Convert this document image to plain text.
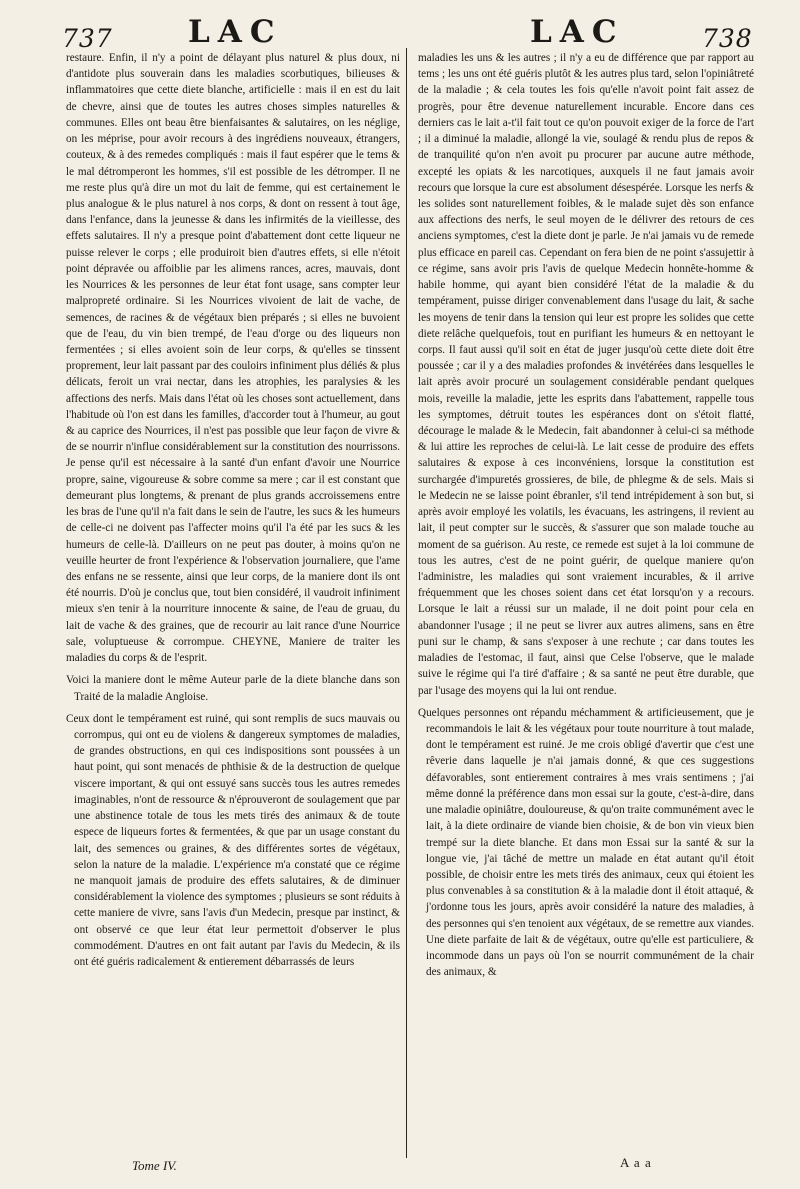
737 LAC	LAC	738

restaure. Enfin, il n'y a point de délayant plus naturel & plus doux, ni d'antidote plus souverain dans les maladies scorbutiques, bilieuses & inflammatoires que cette diete blanche, artificielle : mais il en est du lait de chevre, ainsi que de toutes les autres choses simples naturelles & communes. Elles ont beau être bienfaisantes & salutaires, on les néglige, on les méprise, pour avoir recours à des ingrédiens nouveaux, étrangers, couteux, & à des remedes compliqués : mais il faut espérer que le tems & le mal détromperont les hommes, s'il est possible de les détromper. Il ne me reste plus qu'à dire un mot du lait de femme, qui est certainement le plus analogue & le plus naturel à nos corps, & dont on ressent à tout âge, dans l'enfance, dans la jeunesse & dans les infirmités de la vieillesse, des effets salutaires. Il n'y a presque point d'abattement dont cette liqueur ne puisse relever le corps ; elle produiroit bien d'autres effets, si elle n'étoit point dépravée ou affoiblie par les alimens rances, acres, mauvais, dont les Nourrices & les personnes de leur état font usage, sans compter leur malpropreté ordinaire. Si les Nourrices vivoient de lait de vache, de semences, de racines & de végétaux bien préparés ; si elles ne buvoient que de l'eau, du vin bien trempé, de l'eau d'orge ou des liqueurs non fermentées ; si elles avoient soin de leur corps, & qu'elles se tinssent proprement, leur lait passant par des couloirs infiniment plus déliés & plus délicats, feroit un vrai nectar, dans les atrophies, les paralysies & les affections des nerfs. Mais dans l'état où les choses sont actuellement, dans l'habitude où l'on est dans les familles, d'accorder tout à l'humeur, au gout & au caprice des Nourrices, il n'est pas possible que leur façon de vivre & de se nourrir n'influe considérablement sur la constitution des nourrissons. Je pense qu'il est nécessaire à la santé d'un enfant d'avoir une Nourrice propre, saine, vigoureuse & sobre comme sa mere ; car il est constant que demeurant plus longtems, & prenant de plus grands accroissemens entre les bras de l'une qu'il n'a fait dans le sein de l'autre, les sucs & les humeurs de celle-ci ne doivent pas l'affecter moins qu'il l'a été par les sucs & les humeurs de celle-là. D'ailleurs on ne peut pas douter, à moins qu'on ne veuille heurter de front l'expérience & l'observation journaliere, que l'ame des enfans ne se ressente, ainsi que leur corps, de la maniere dont ils ont été nourris. D'où je conclus que, tout bien considéré, il vaudroit infiniment mieux s'en tenir à la nourriture innocente & saine, de l'eau de gruau, du lait de vache & des graines, que de recourir au lait rance d'une Nourrice sale, voluptueuse & corrompue. CHEYNE, Maniere de traiter les maladies du corps & de l'esprit.

Voici la maniere dont le même Auteur parle de la diete blanche dans son Traité de la maladie Angloise.

Ceux dont le tempérament est ruiné, qui sont remplis de sucs mauvais ou corrompus, qui ont eu de violens & dangereux symptomes de maladies, de grandes obstructions, en qui ces indispositions sont poussées à un haut point, qui sont menacés de phthisie & de la destruction de quelque viscere important, & qui ont essuyé sans succès tous les autres remedes imaginables, n'ont de ressource & n'éprouveront de soulagement que par une abstinence totale de tous les mets tirés des animaux & de toute espece de liqueurs fortes & fermentées, & que par un usage constant du lait, des semences ou graines, & des différentes sortes de végétaux, selon la nature de la maladie. L'expérience m'a constaté que ce régime ne manquoit jamais de produire des effets salutaires, & de diminuer considérablement la violence des symptomes ; plusieurs se sont réduits à cette maniere de vivre, sans l'avis d'un Medecin, presque par instinct, & ont observé ce que leur état leur permettoit d'observer le plus commodément. D'autres en ont fait autant par l'avis du Medecin, & ils ont été guéris radicalement & entierement débarrassés de leurs

maladies les uns & les autres ; il n'y a eu de différence que par rapport au tems ; les uns ont été guéris plutôt & les autres plus tard, selon l'opiniâtreté de la maladie ; & cela toutes les fois qu'elle n'avoit point fait assez de progrès, pour être devenue naturellement incurable. Encore dans ces derniers cas le lait a-t'il fait tout ce qu'on pouvoit exiger de la force de l'art ; il a diminué la maladie, allongé la vie, soulagé & rendu plus de repos & de tranquilité qu'on n'en avoit pu procurer par aucune autre méthode, excepté les opiats & les narcotiques, auxquels il ne faut jamais avoir recours que lorsque la cure est absolument désespérée. Lorsque les nerfs & les solides sont naturellement foibles, & le malade sujet dès son enfance aux affections des nerfs, le seul moyen de le délivrer des retours de ces anciens symptomes, c'est la diete dont je parle. Je n'ai jamais vu de remede plus efficace en pareil cas. Cependant on fera bien de ne point s'assujettir à ce régime, sans avoir pris l'avis de quelque Medecin honnête-homme & habile homme, qui ayant bien considéré l'état de la maladie & du tempérament, puisse diriger convenablement dans l'usage du lait, & sache les moyens de tenir dans la tension qui leur est propre les solides que cette diete relâche quelquefois, tout en purifiant les humeurs & en nettoyant le corps. Il faut aussi qu'il soit en état de juger jusqu'où cette diete doit être poussée ; car il y a des maladies profondes & invétérées dans lesquelles le lait après avoir procuré un soulagement considérable pendant quelques mois, reveille la maladie, jette les esprits dans l'abattement, rappelle tous les symptomes, détruit toutes les espérances dont on s'étoit flatté, décourage le malade & le Medecin, fait abandonner à celui-ci sa méthode & lui attire les reproches de celui-là. Le lait cesse de produire des effets salutaires & expose à ces inconvéniens, lorsque la constitution est surchargée d'impuretés grossieres, de bile, de phlegme & de sels. Mais si le Medecin ne se laisse point ébranler, s'il tend intrépidement à son but, si après avoir employé les volatils, les évacuans, les astringens, il revient au lait, il peut compter sur le succès, & s'assurer que son malade touche au moment de sa guérison. Au reste, ce remede est sujet à la loi commune de tous les autres, c'est de ne point guérir, de quelque maniere qu'on l'administre, les maladies qui sont vraiement incurables, & il arrive fréquemment que les choses soient dans cet état lorsqu'on y a recours. Lorsque le lait a réussi sur un malade, il ne doit point pour cela en abandonner l'usage ; il ne peut se livrer aux autres alimens, sans en être puni sur le champ, & sans s'exposer à une rechute ; car dans toutes les maladies de l'estomac, il faut, ainsi que Celse l'observe, que le malade suive le régime qui l'a tiré d'affaire ; & sa santé ne peut être durable, que par l'usage des moyens qui la lui ont rendue.

Quelques personnes ont répandu méchamment & artificieusement, que je recommandois le lait & les végétaux pour toute nourriture à tout malade, dont le tempérament est ruiné. Je me crois obligé d'avertir que c'est une rêverie dans laquelle je n'ai jamais donné, & que ces suggestions défavorables, sont entierement contraires à mes vrais sentimens ; j'ai même donné la préférence dans mon essai sur la goute, c'est-à-dire, dans une maladie opiniâtre, douloureuse, & qu'on traite communément avec le lait, à la diete ordinaire de viande bien choisie, & de bon vin vieux bien trempé sur la diete blanche. Et dans mon Essai sur la santé & sur la longue vie, j'ai tâché de mettre un malade en état autant qu'il étoit possible, de choisir entre les mets tirés des animaux, ceux qui étoient les plus convenables à sa constitution & à la maladie dont il étoit attaqué, & j'ordonne tous les jours, après avoir considéré la nature des maladies, à des personnes qui s'en tenoient aux végétaux, de se remettre aux viandes. Une diete parfaite de lait & de végétaux, outre qu'elle est particuliere, & incommode dans un pays où l'on se nourrit communément de la chair des animaux, &

Tome IV.	A a a
